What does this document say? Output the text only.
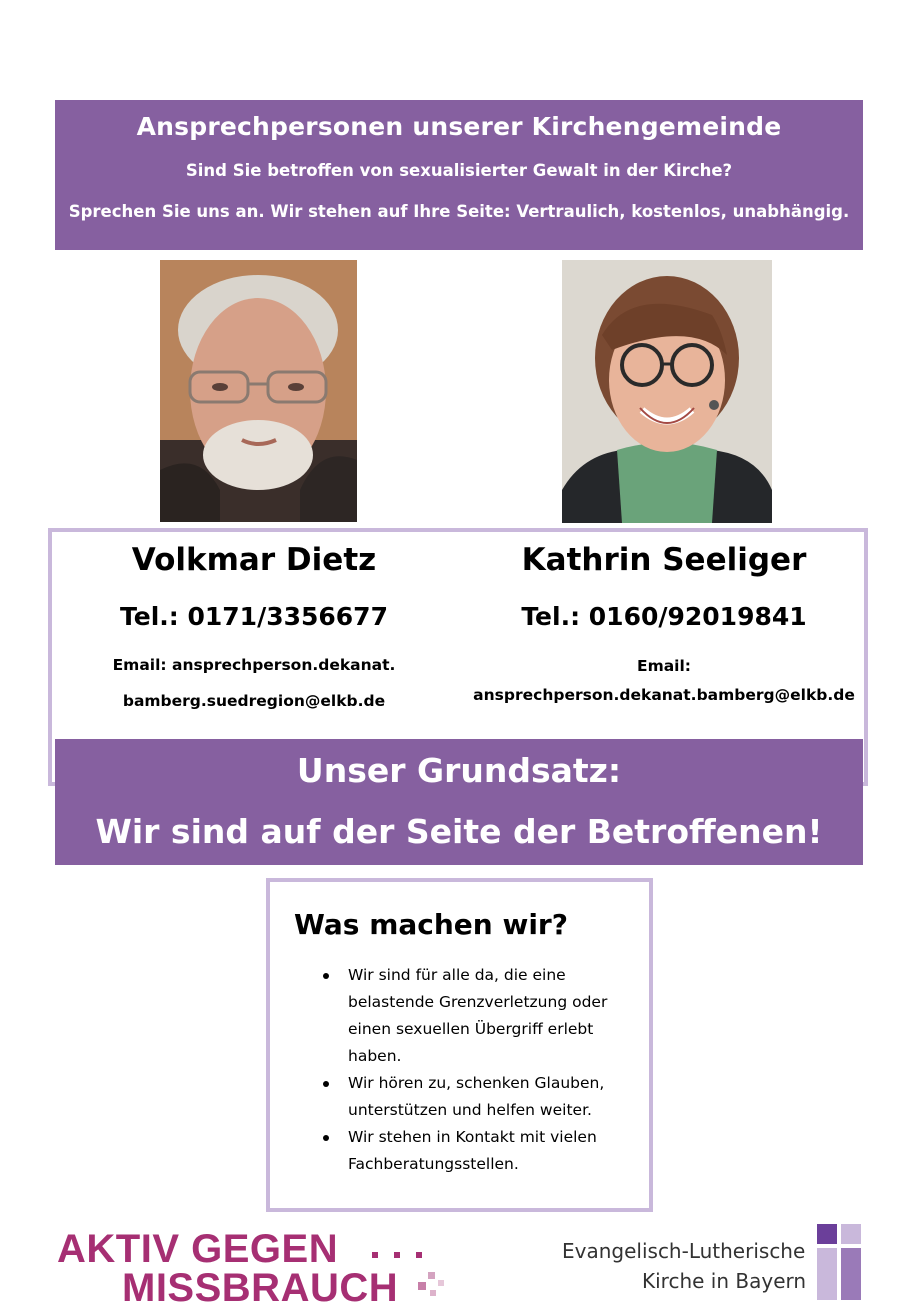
Ansprechpersonen unserer Kirchengemeinde
Sind Sie betroffen von sexualisierter Gewalt in der Kirche?
Sprechen Sie uns an. Wir stehen auf Ihre Seite: Vertraulich, kostenlos, unabhängig.
Volkmar Dietz
Tel.: 0171/3356677
Email: ansprechperson.dekanat.
bamberg.suedregion@elkb.de
Kathrin Seeliger
Tel.: 0160/92019841
Email:
ansprechperson.dekanat.bamberg@elkb.de
Unser Grundsatz:
Wir sind auf der Seite der Betroffenen!
Was machen wir?
Wir sind für alle da, die eine belastende Grenzverletzung oder einen sexuellen Übergriff erlebt haben.
Wir hören zu, schenken Glauben, unterstützen und helfen weiter.
Wir stehen in Kontakt mit vielen Fachberatungsstellen.
AKTIV GEGEN
MISSBRAUCH
Evangelisch-Lutherische
Kirche in Bayern
